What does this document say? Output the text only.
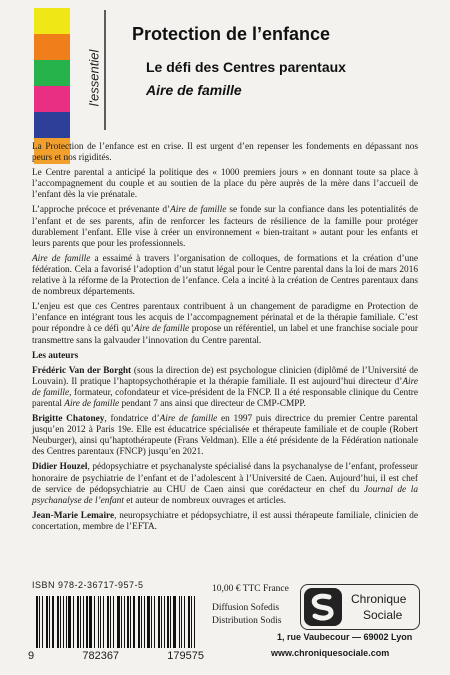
l'essentiel
Protection de l’enfance
Le défi des Centres parentaux
Aire de famille

La Protection de l’enfance est en crise. Il est urgent d’en repenser les fondements en dépassant nos peurs et nos rigidités.

Le Centre parental a anticipé la politique des « 1000 premiers jours » en donnant toute sa place à l’accompagnement du couple et au soutien de la place du père auprès de la mère dans l’accueil de l’enfant dès la vie prénatale.

L’approche précoce et prévenante d’Aire de famille se fonde sur la confiance dans les potentialités de l’enfant et de ses parents, afin de renforcer les facteurs de résilience de la famille pour protéger durablement l’enfant. Elle vise à créer un environnement « bien-traitant » autant pour les enfants et leurs parents que pour les professionnels.

Aire de famille a essaimé à travers l’organisation de colloques, de formations et la création d’une fédération. Cela a favorisé l’adoption d’un statut légal pour le Centre parental dans la loi de mars 2016 relative à la réforme de la Protection de l’enfance. Cela a incité à la création de Centres parentaux dans de nombreux départements.

L’enjeu est que ces Centres parentaux contribuent à un changement de paradigme en Protection de l’enfance en intégrant tous les acquis de l’accompagnement périnatal et de la thérapie familiale. C’est pour répondre à ce défi qu’Aire de famille propose un référentiel, un label et une franchise sociale pour transmettre sans la galvauder l’innovation du Centre parental.

Les auteurs

Frédéric Van der Borght (sous la direction de) est psychologue clinicien (diplômé de l’Université de Louvain). Il pratique l’haptopsychothérapie et la thérapie familiale. Il est aujourd’hui directeur d’Aire de famille, formateur, cofondateur et vice-président de la FNCP. Il a été responsable clinique du Centre parental Aire de famille pendant 7 ans ainsi que directeur de CMP-CMPP.

Brigitte Chatoney, fondatrice d’Aire de famille en 1997 puis directrice du premier Centre parental jusqu’en 2012 à Paris 19e. Elle est éducatrice spécialisée et thérapeute familiale et de couple (Robert Neuburger), ainsi qu’haptothérapeute (Frans Veldman). Elle a été présidente de la Fédération nationale des Centres parentaux (FNCP) jusqu’en 2021.

Didier Houzel, pédopsychiatre et psychanalyste spécialisé dans la psychanalyse de l’enfant, professeur honoraire de psychiatrie de l’enfant et de l’adolescent à l’Université de Caen. Aujourd’hui, il est chef de service de pédopsychiatrie au CHU de Caen ainsi que corédacteur en chef du Journal de la psychanalyse de l’enfant et auteur de nombreux ouvrages et articles.

Jean-Marie Lemaire, neuropsychiatre et pédopsychiatre, il est aussi thérapeute familiale, clinicien de concertation, membre de l’EFTA.

ISBN 978-2-36717-957-5
9	782367	179575
10,00 € TTC France
Diffusion Sofedis
Distribution Sodis
Chronique
Sociale
1, rue Vaubecour — 69002 Lyon
www.chroniquesociale.com
